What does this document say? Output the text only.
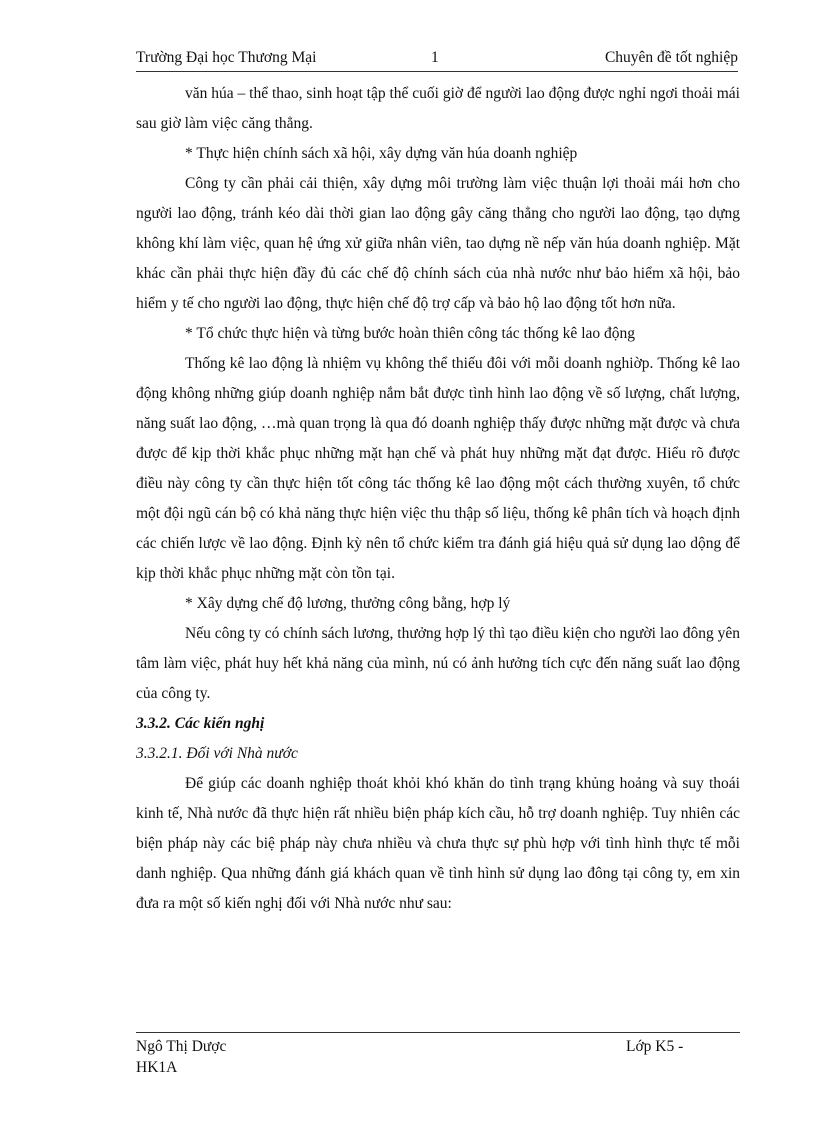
Trường Đại học Thương Mại	1	Chuyên đề tốt nghiệp

văn húa – thể thao, sinh hoạt tập thể cuối giờ để người lao động được nghỉ ngơi thoải mái sau giờ làm việc căng thẳng.

* Thực hiện chính sách xã hội, xây dựng văn húa doanh nghiệp

Công ty cần phải cải thiện, xây dựng môi trường làm việc thuận lợi thoải mái hơn cho người lao động, tránh kéo dài thời gian lao động gây căng thẳng cho người lao động, tạo dựng không khí làm việc, quan hệ ứng xử giữa nhân viên, tao dựng nề nếp văn húa doanh nghiệp. Mặt khác cần phải thực hiện đầy đủ các chế độ chính sách của nhà nước như bảo hiểm xã hội, bảo hiểm y tế cho người lao động, thực hiện chế độ trợ cấp và bảo hộ lao động tốt hơn nữa.

* Tổ chức thực hiện và từng bước hoàn thiên công tác thống kê lao động

Thống kê lao động là nhiệm vụ không thể thiếu đôi với mỗi doanh nghiờp. Thống kê lao động không những giúp doanh nghiệp nắm bắt được tình hình lao động về số lượng, chất lượng, năng suất lao động, …mà quan trọng là qua đó doanh nghiệp thấy được những mặt được và chưa được để kịp thời khắc phục những mặt hạn chế và phát huy những mặt đạt được. Hiểu rõ được điều này công ty cần thực hiện tốt công tác thống kê lao động một cách thường xuyên, tổ chức một đội ngũ cán bộ có khả năng thực hiện việc thu thập số liệu, thống kê phân tích và hoạch định các chiến lược về lao động. Định kỳ nên tổ chức kiểm tra đánh giá hiệu quả sử dụng lao dộng để kịp thời khắc phục những mặt còn tồn tại.

* Xây dựng chế độ lương, thưởng công bằng, hợp lý

Nếu công ty có chính sách lương, thưởng hợp lý thì tạo điều kiện cho người lao đông yên tâm làm việc, phát huy hết khả năng của mình, nú có ảnh hưởng tích cực đến năng suất lao động của công ty.

3.3.2. Các kiến nghị

3.3.2.1. Đối với Nhà nước

Để giúp các doanh nghiệp thoát khỏi khó khăn do tình trạng khủng hoảng và suy thoái kinh tế, Nhà nước đã thực hiện rất nhiều biện pháp kích cầu, hỗ trợ doanh nghiệp. Tuy nhiên các biện pháp này các biệ pháp này chưa nhiều và chưa thực sự phù hợp với tình hình thực tế mỗi danh nghiệp. Qua những đánh giá khách quan về tình hình sử dụng lao đông tại công ty, em xin đưa ra một số kiến nghị đối với Nhà nước như sau:

Ngô Thị Dược	Lớp K5 -
HK1A
